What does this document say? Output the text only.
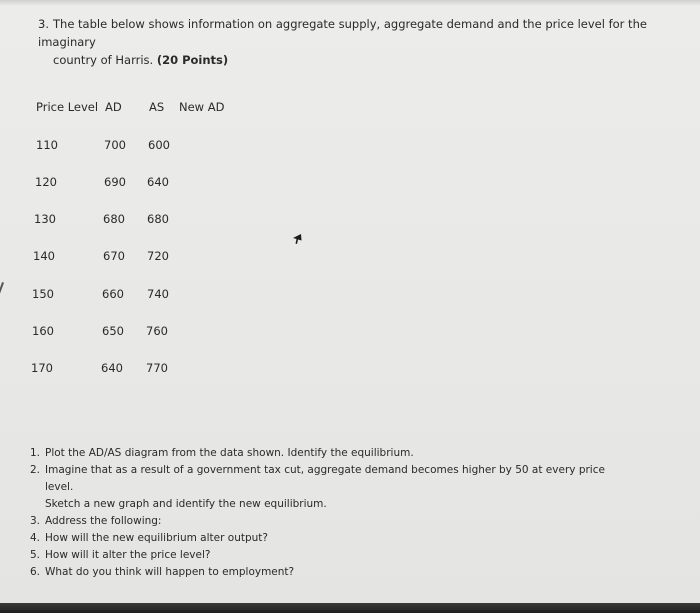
3. The table below shows information on aggregate supply, aggregate demand and the price level for the imaginary
country of Harris. (20 Points)
Price Level AD AS New AD
110	700 600
120	690 640
130	680 680
140	670 720
150	660 740
160	650 760
170	640 770
1. Plot the AD/AS diagram from the data shown. Identify the equilibrium.
2. Imagine that as a result of a government tax cut, aggregate demand becomes higher by 50 at every price level.
Sketch a new graph and identify the new equilibrium.
3. Address the following:
4. How will the new equilibrium alter output?
5. How will it alter the price level?
6. What do you think will happen to employment?
